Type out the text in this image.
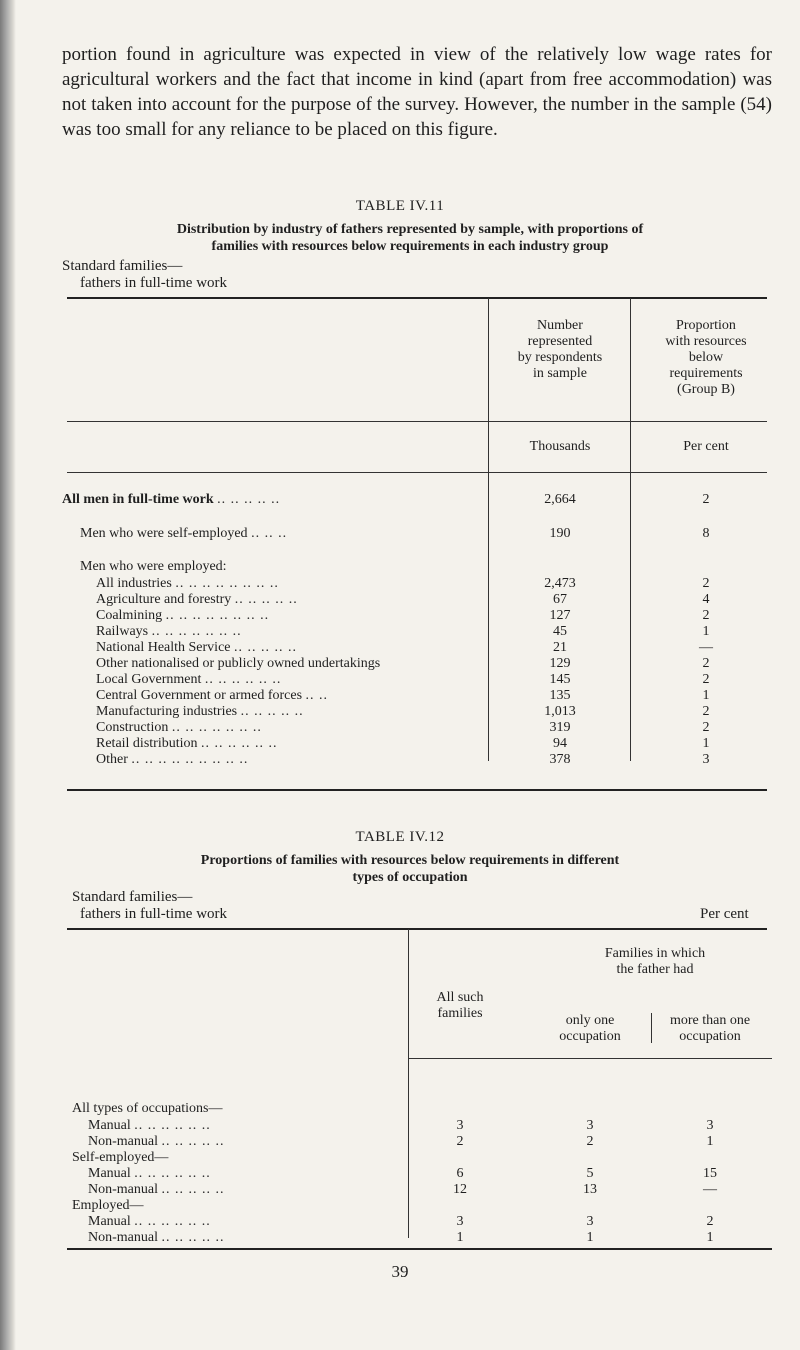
portion found in agriculture was expected in view of the relatively low wage rates for agricultural workers and the fact that income in kind (apart from free accommodation) was not taken into account for the purpose of the survey. However, the number in the sample (54) was too small for any reliance to be placed on this figure.
TABLE IV.11
Distribution by industry of fathers represented by sample, with proportions of
families with resources below requirements in each industry group
Standard families—
fathers in full-time work
Number
represented
by respondents
in sample
Proportion
with resources
below
requirements
(Group B)
Thousands	Per cent
All men in full-time work .. .. .. .. ..	2,664	2
Men who were self-employed .. .. ..	190	8
Men who were employed:
All industries .. .. .. .. .. .. .. ..	2,473	2
Agriculture and forestry .. .. .. .. ..	67	4
Coalmining .. .. .. .. .. .. .. ..	127	2
Railways .. .. .. .. .. .. ..	45	1
National Health Service .. .. .. .. ..	21	—
Other nationalised or publicly owned undertakings	129	2
Local Government .. .. .. .. .. ..	145	2
Central Government or armed forces .. ..	135	1
Manufacturing industries .. .. .. .. ..	1,013	2
Construction .. .. .. .. .. .. ..	319	2
Retail distribution .. .. .. .. .. ..	94	1
Other .. .. .. .. .. .. .. .. ..	378	3
TABLE IV.12
Proportions of families with resources below requirements in different
types of occupation
Standard families—
fathers in full-time work	Per cent
All such
families
Families in which
the father had
only one
occupation
more than one
occupation
All types of occupations—
Manual .. .. .. .. .. ..	3	3	3
Non-manual .. .. .. .. ..	2	2	1
Self-employed—
Manual .. .. .. .. .. ..	6	5	15
Non-manual .. .. .. .. ..	12	13	—
Employed—
Manual .. .. .. .. .. ..	3	3	2
Non-manual .. .. .. .. ..	1	1	1
39
